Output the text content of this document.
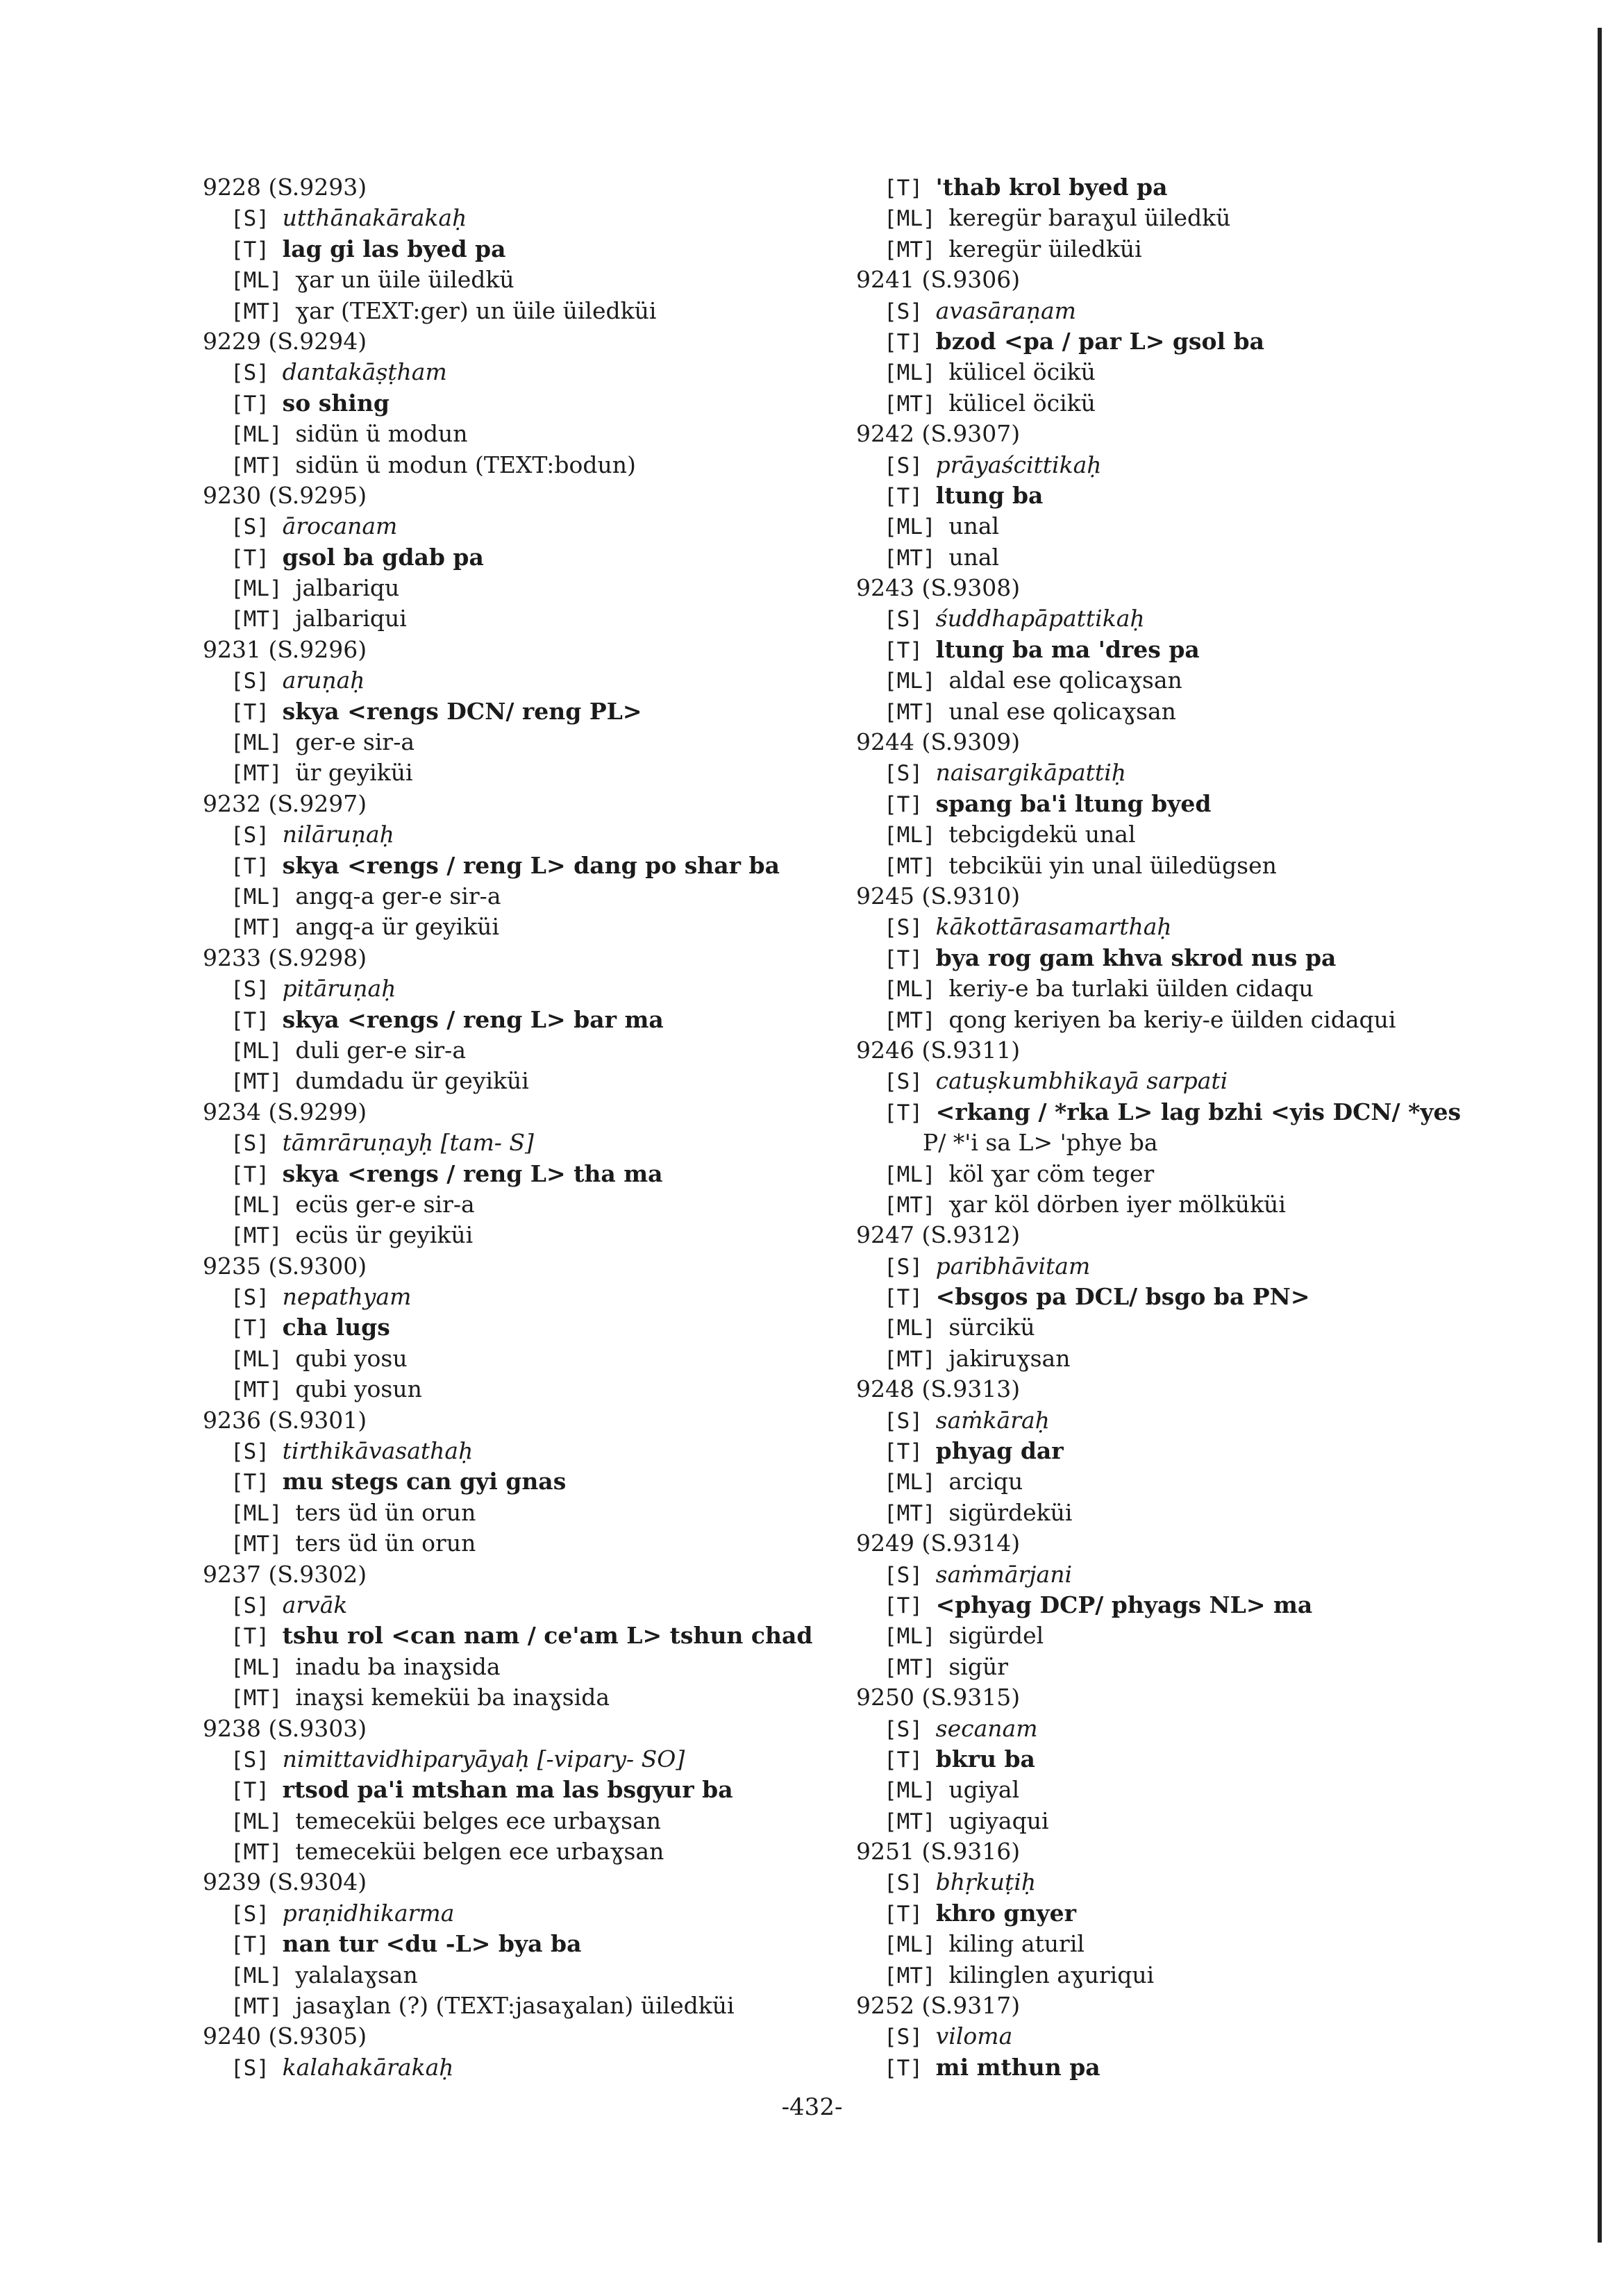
9228 (S.9293)
[S] utthānakārakaḥ
[T] lag gi las byed pa
[ML] ɣar un üile üiledkü
[MT] ɣar (TEXT:ger) un üile üiledküi
9229 (S.9294)
[S] dantakāṣṭham
[T] so shing
[ML] sidün ü modun
[MT] sidün ü modun (TEXT:bodun)
9230 (S.9295)
[S] ārocanam
[T] gsol ba gdab pa
[ML] jalbariqu
[MT] jalbariqui
9231 (S.9296)
[S] aruṇaḥ
[T] skya <rengs DCN/ reng PL>
[ML] ger-e sir-a
[MT] ür geyiküi
9232 (S.9297)
[S] nilāruṇaḥ
[T] skya <rengs / reng L> dang po shar ba
[ML] angq-a ger-e sir-a
[MT] angq-a ür geyiküi
9233 (S.9298)
[S] pitāruṇaḥ
[T] skya <rengs / reng L> bar ma
[ML] duli ger-e sir-a
[MT] dumdadu ür geyiküi
9234 (S.9299)
[S] tāmrāruṇayḥ [tam- S]
[T] skya <rengs / reng L> tha ma
[ML] ecüs ger-e sir-a
[MT] ecüs ür geyiküi
9235 (S.9300)
[S] nepathyam
[T] cha lugs
[ML] qubi yosu
[MT] qubi yosun
9236 (S.9301)
[S] tirthikāvasathaḥ
[T] mu stegs can gyi gnas
[ML] ters üd ün orun
[MT] ters üd ün orun
9237 (S.9302)
[S] arvāk
[T] tshu rol <can nam / ce'am L> tshun chad
[ML] inadu ba inaɣsida
[MT] inaɣsi kemeküi ba inaɣsida
9238 (S.9303)
[S] nimittavidhiparyāyaḥ [-vipary- SO]
[T] rtsod pa'i mtshan ma las bsgyur ba
[ML] temeceküi belges ece urbaɣsan
[MT] temeceküi belgen ece urbaɣsan
9239 (S.9304)
[S] praṇidhikarma
[T] nan tur <du -L> bya ba
[ML] yalalaɣsan
[MT] jasaɣlan (?) (TEXT:jasaɣalan) üiledküi
9240 (S.9305)
[S] kalahakārakaḥ
[T] 'thab krol byed pa
[ML] keregür baraɣul üiledkü
[MT] keregür üiledküi
9241 (S.9306)
[S] avasāraṇam
[T] bzod <pa / par L> gsol ba
[ML] külicel öcikü
[MT] külicel öcikü
9242 (S.9307)
[S] prāyaścittikaḥ
[T] ltung ba
[ML] unal
[MT] unal
9243 (S.9308)
[S] śuddhapāpattikaḥ
[T] ltung ba ma 'dres pa
[ML] aldal ese qolicaɣsan
[MT] unal ese qolicaɣsan
9244 (S.9309)
[S] naisargikāpattiḥ
[T] spang ba'i ltung byed
[ML] tebcigdekü unal
[MT] tebciküi yin unal üiledügsen
9245 (S.9310)
[S] kākottārasamarthaḥ
[T] bya rog gam khva skrod nus pa
[ML] keriy-e ba turlaki üilden cidaqu
[MT] qong keriyen ba keriy-e üilden cidaqui
9246 (S.9311)
[S] catuṣkumbhikayā sarpati
[T] <rkang / *rka L> lag bzhi <yis DCN/ *yes
P/ *'i sa L> 'phye ba
[ML] köl ɣar cöm teger
[MT] ɣar köl dörben iyer mölküküi
9247 (S.9312)
[S] paribhāvitam
[T] <bsgos pa DCL/ bsgo ba PN>
[ML] sürcikü
[MT] jakiruɣsan
9248 (S.9313)
[S] saṁkāraḥ
[T] phyag dar
[ML] arciqu
[MT] sigürdeküi
9249 (S.9314)
[S] saṁmārjani
[T] <phyag DCP/ phyags NL> ma
[ML] sigürdel
[MT] sigür
9250 (S.9315)
[S] secanam
[T] bkru ba
[ML] ugiyal
[MT] ugiyaqui
9251 (S.9316)
[S] bhṛkuṭiḥ
[T] khro gnyer
[ML] kiling aturil
[MT] kilinglen aɣuriqui
9252 (S.9317)
[S] viloma
[T] mi mthun pa
-432-
